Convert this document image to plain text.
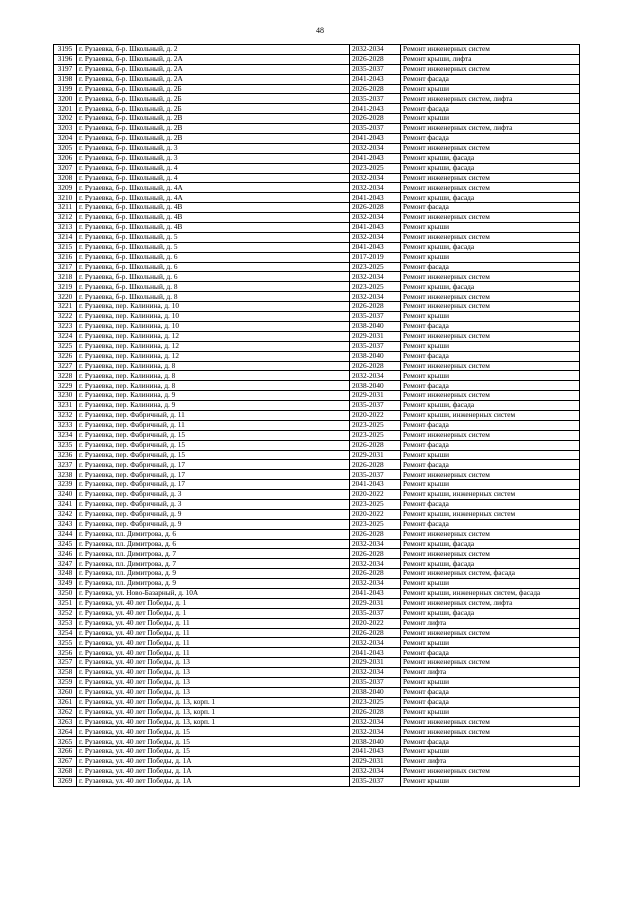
48
3195	г. Рузаевка, б-р. Школьный, д. 2	2032-2034	Ремонт инженерных систем
3196	г. Рузаевка, б-р. Школьный, д. 2А	2026-2028	Ремонт крыши, лифта
3197	г. Рузаевка, б-р. Школьный, д. 2А	2035-2037	Ремонт инженерных систем
3198	г. Рузаевка, б-р. Школьный, д. 2А	2041-2043	Ремонт фасада
3199	г. Рузаевка, б-р. Школьный, д. 2Б	2026-2028	Ремонт крыши
3200	г. Рузаевка, б-р. Школьный, д. 2Б	2035-2037	Ремонт инженерных систем, лифта
3201	г. Рузаевка, б-р. Школьный, д. 2Б	2041-2043	Ремонт фасада
3202	г. Рузаевка, б-р. Школьный, д. 2В	2026-2028	Ремонт крыши
3203	г. Рузаевка, б-р. Школьный, д. 2В	2035-2037	Ремонт инженерных систем, лифта
3204	г. Рузаевка, б-р. Школьный, д. 2В	2041-2043	Ремонт фасада
3205	г. Рузаевка, б-р. Школьный, д. 3	2032-2034	Ремонт инженерных систем
3206	г. Рузаевка, б-р. Школьный, д. 3	2041-2043	Ремонт крыши, фасада
3207	г. Рузаевка, б-р. Школьный, д. 4	2023-2025	Ремонт крыши, фасада
3208	г. Рузаевка, б-р. Школьный, д. 4	2032-2034	Ремонт инженерных систем
3209	г. Рузаевка, б-р. Школьный, д. 4А	2032-2034	Ремонт инженерных систем
3210	г. Рузаевка, б-р. Школьный, д. 4А	2041-2043	Ремонт крыши, фасада
3211	г. Рузаевка, б-р. Школьный, д. 4В	2026-2028	Ремонт фасада
3212	г. Рузаевка, б-р. Школьный, д. 4В	2032-2034	Ремонт инженерных систем
3213	г. Рузаевка, б-р. Школьный, д. 4В	2041-2043	Ремонт крыши
3214	г. Рузаевка, б-р. Школьный, д. 5	2032-2034	Ремонт инженерных систем
3215	г. Рузаевка, б-р. Школьный, д. 5	2041-2043	Ремонт крыши, фасада
3216	г. Рузаевка, б-р. Школьный, д. 6	2017-2019	Ремонт крыши
3217	г. Рузаевка, б-р. Школьный, д. 6	2023-2025	Ремонт фасада
3218	г. Рузаевка, б-р. Школьный, д. 6	2032-2034	Ремонт инженерных систем
3219	г. Рузаевка, б-р. Школьный, д. 8	2023-2025	Ремонт крыши, фасада
3220	г. Рузаевка, б-р. Школьный, д. 8	2032-2034	Ремонт инженерных систем
3221	г. Рузаевка, пер. Калинина, д. 10	2026-2028	Ремонт инженерных систем
3222	г. Рузаевка, пер. Калинина, д. 10	2035-2037	Ремонт крыши
3223	г. Рузаевка, пер. Калинина, д. 10	2038-2040	Ремонт фасада
3224	г. Рузаевка, пер. Калинина, д. 12	2029-2031	Ремонт инженерных систем
3225	г. Рузаевка, пер. Калинина, д. 12	2035-2037	Ремонт крыши
3226	г. Рузаевка, пер. Калинина, д. 12	2038-2040	Ремонт фасада
3227	г. Рузаевка, пер. Калинина, д. 8	2026-2028	Ремонт инженерных систем
3228	г. Рузаевка, пер. Калинина, д. 8	2032-2034	Ремонт крыши
3229	г. Рузаевка, пер. Калинина, д. 8	2038-2040	Ремонт фасада
3230	г. Рузаевка, пер. Калинина, д. 9	2029-2031	Ремонт инженерных систем
3231	г. Рузаевка, пер. Калинина, д. 9	2035-2037	Ремонт крыши, фасада
3232	г. Рузаевка, пер. Фабричный, д. 11	2020-2022	Ремонт крыши, инженерных систем
3233	г. Рузаевка, пер. Фабричный, д. 11	2023-2025	Ремонт фасада
3234	г. Рузаевка, пер. Фабричный, д. 15	2023-2025	Ремонт инженерных систем
3235	г. Рузаевка, пер. Фабричный, д. 15	2026-2028	Ремонт фасада
3236	г. Рузаевка, пер. Фабричный, д. 15	2029-2031	Ремонт крыши
3237	г. Рузаевка, пер. Фабричный, д. 17	2026-2028	Ремонт фасада
3238	г. Рузаевка, пер. Фабричный, д. 17	2035-2037	Ремонт инженерных систем
3239	г. Рузаевка, пер. Фабричный, д. 17	2041-2043	Ремонт крыши
3240	г. Рузаевка, пер. Фабричный, д. 3	2020-2022	Ремонт крыши, инженерных систем
3241	г. Рузаевка, пер. Фабричный, д. 3	2023-2025	Ремонт фасада
3242	г. Рузаевка, пер. Фабричный, д. 9	2020-2022	Ремонт крыши, инженерных систем
3243	г. Рузаевка, пер. Фабричный, д. 9	2023-2025	Ремонт фасада
3244	г. Рузаевка, пл. Димитрова, д. 6	2026-2028	Ремонт инженерных систем
3245	г. Рузаевка, пл. Димитрова, д. 6	2032-2034	Ремонт крыши, фасада
3246	г. Рузаевка, пл. Димитрова, д. 7	2026-2028	Ремонт инженерных систем
3247	г. Рузаевка, пл. Димитрова, д. 7	2032-2034	Ремонт крыши, фасада
3248	г. Рузаевка, пл. Димитрова, д. 9	2026-2028	Ремонт инженерных систем, фасада
3249	г. Рузаевка, пл. Димитрова, д. 9	2032-2034	Ремонт крыши
3250	г. Рузаевка, ул. Ново-Базарный, д. 10А	2041-2043	Ремонт крыши, инженерных систем, фасада
3251	г. Рузаевка, ул. 40 лет Победы, д. 1	2029-2031	Ремонт инженерных систем, лифта
3252	г. Рузаевка, ул. 40 лет Победы, д. 1	2035-2037	Ремонт крыши, фасада
3253	г. Рузаевка, ул. 40 лет Победы, д. 11	2020-2022	Ремонт лифта
3254	г. Рузаевка, ул. 40 лет Победы, д. 11	2026-2028	Ремонт инженерных систем
3255	г. Рузаевка, ул. 40 лет Победы, д. 11	2032-2034	Ремонт крыши
3256	г. Рузаевка, ул. 40 лет Победы, д. 11	2041-2043	Ремонт фасада
3257	г. Рузаевка, ул. 40 лет Победы, д. 13	2029-2031	Ремонт инженерных систем
3258	г. Рузаевка, ул. 40 лет Победы, д. 13	2032-2034	Ремонт лифта
3259	г. Рузаевка, ул. 40 лет Победы, д. 13	2035-2037	Ремонт крыши
3260	г. Рузаевка, ул. 40 лет Победы, д. 13	2038-2040	Ремонт фасада
3261	г. Рузаевка, ул. 40 лет Победы, д. 13, корп. 1	2023-2025	Ремонт фасада
3262	г. Рузаевка, ул. 40 лет Победы, д. 13, корп. 1	2026-2028	Ремонт крыши
3263	г. Рузаевка, ул. 40 лет Победы, д. 13, корп. 1	2032-2034	Ремонт инженерных систем
3264	г. Рузаевка, ул. 40 лет Победы, д. 15	2032-2034	Ремонт инженерных систем
3265	г. Рузаевка, ул. 40 лет Победы, д. 15	2038-2040	Ремонт фасада
3266	г. Рузаевка, ул. 40 лет Победы, д. 15	2041-2043	Ремонт крыши
3267	г. Рузаевка, ул. 40 лет Победы, д. 1А	2029-2031	Ремонт лифта
3268	г. Рузаевка, ул. 40 лет Победы, д. 1А	2032-2034	Ремонт инженерных систем
3269	г. Рузаевка, ул. 40 лет Победы, д. 1А	2035-2037	Ремонт крыши
